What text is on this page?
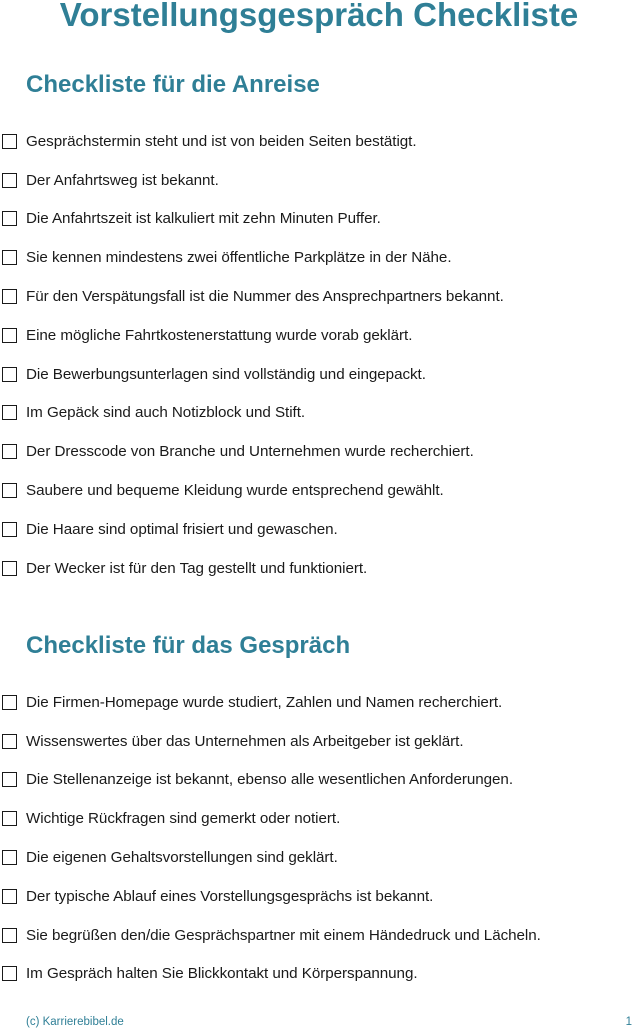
Vorstellungsgespräch Checkliste
Checkliste für die Anreise
Gesprächstermin steht und ist von beiden Seiten bestätigt.
Der Anfahrtsweg ist bekannt.
Die Anfahrtszeit ist kalkuliert mit zehn Minuten Puffer.
Sie kennen mindestens zwei öffentliche Parkplätze in der Nähe.
Für den Verspätungsfall ist die Nummer des Ansprechpartners bekannt.
Eine mögliche Fahrtkostenerstattung wurde vorab geklärt.
Die Bewerbungsunterlagen sind vollständig und eingepackt.
Im Gepäck sind auch Notizblock und Stift.
Der Dresscode von Branche und Unternehmen wurde recherchiert.
Saubere und bequeme Kleidung wurde entsprechend gewählt.
Die Haare sind optimal frisiert und gewaschen.
Der Wecker ist für den Tag gestellt und funktioniert.
Checkliste für das Gespräch
Die Firmen-Homepage wurde studiert, Zahlen und Namen recherchiert.
Wissenswertes über das Unternehmen als Arbeitgeber ist geklärt.
Die Stellenanzeige ist bekannt, ebenso alle wesentlichen Anforderungen.
Wichtige Rückfragen sind gemerkt oder notiert.
Die eigenen Gehaltsvorstellungen sind geklärt.
Der typische Ablauf eines Vorstellungsgesprächs ist bekannt.
Sie begrüßen den/die Gesprächspartner mit einem Händedruck und Lächeln.
Im Gespräch halten Sie Blickkontakt und Körperspannung.
(c) Karrierebibel.de	1
